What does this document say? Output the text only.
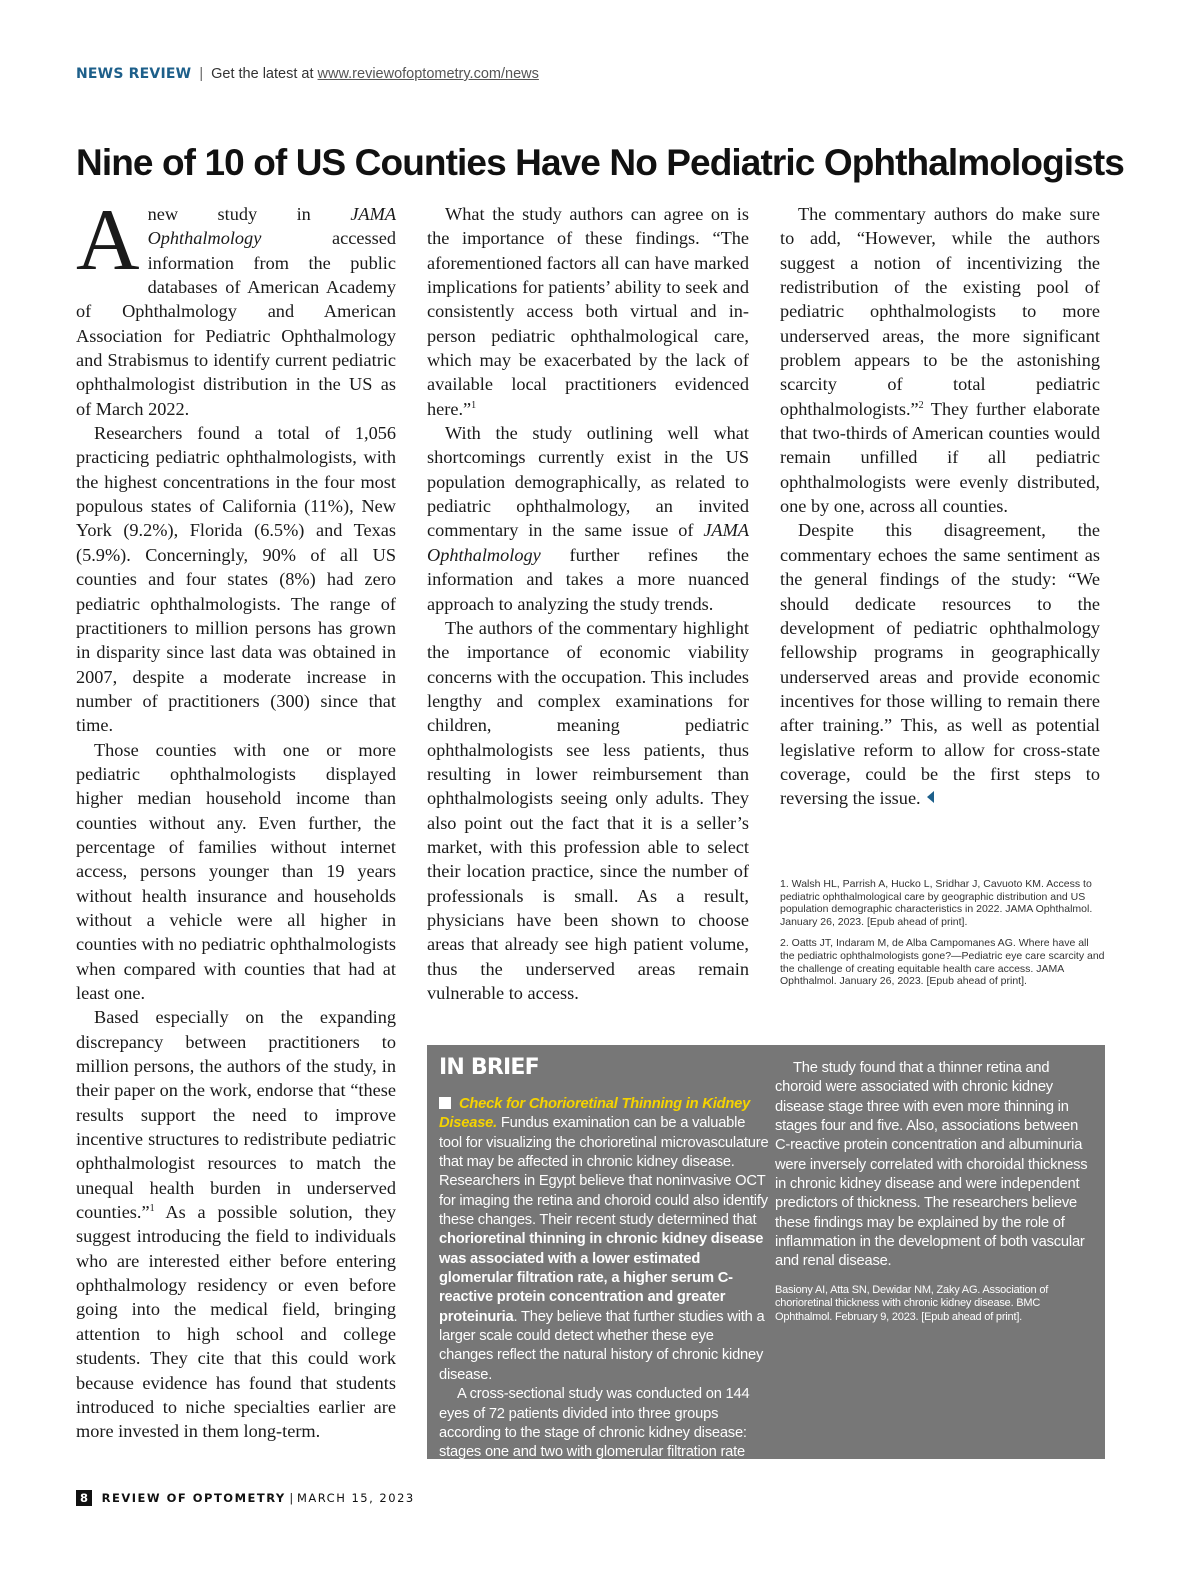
NEWS REVIEW | Get the latest at www.reviewofoptometry.com/news
Nine of 10 of US Counties Have No Pediatric Ophthalmologists

Anew study in JAMA Ophthalmology accessed information from the public databases of American Academy of Ophthalmology and American Association for Pediatric Ophthalmology and Strabismus to identify current pediatric ophthalmologist distribution in the US as of March 2022.

Researchers found a total of 1,056 practicing pediatric ophthalmologists, with the highest concentrations in the four most populous states of California (11%), New York (9.2%), Florida (6.5%) and Texas (5.9%). Concerningly, 90% of all US counties and four states (8%) had zero pediatric ophthalmologists. The range of practitioners to million persons has grown in disparity since last data was obtained in 2007, despite a moderate increase in number of practitioners (300) since that time.

Those counties with one or more pediatric ophthalmologists displayed higher median household income than counties without any. Even further, the percentage of families without internet access, persons younger than 19 years without health insurance and households without a vehicle were all higher in counties with no pediatric ophthalmologists when compared with counties that had at least one.

Based especially on the expanding discrepancy between practitioners to million persons, the authors of the study, in their paper on the work, endorse that “these results support the need to improve incentive structures to redistribute pediatric ophthalmologist resources to match the unequal health burden in underserved counties.”$^1$ As a possible solution, they suggest introducing the field to individuals who are interested either before entering ophthalmology residency or even before going into the medical field, bringing attention to high school and college students. They cite that this could work because evidence has found that students introduced to niche specialties earlier are more invested in them long-term.

What the study authors can agree on is the importance of these findings. “The aforementioned factors all can have marked implications for patients’ ability to seek and consistently access both virtual and in-person pediatric ophthalmological care, which may be exacerbated by the lack of available local practitioners evidenced here.”$^1$

With the study outlining well what shortcomings currently exist in the US population demographically, as related to pediatric ophthalmology, an invited commentary in the same issue of JAMA Ophthalmology further refines the information and takes a more nuanced approach to analyzing the study trends.

The authors of the commentary highlight the importance of economic viability concerns with the occupation. This includes lengthy and complex examinations for children, meaning pediatric ophthalmologists see less patients, thus resulting in lower reimbursement than ophthalmologists seeing only adults. They also point out the fact that it is a seller’s market, with this profession able to select their location practice, since the number of professionals is small. As a result, physicians have been shown to choose areas that already see high patient volume, thus the underserved areas remain vulnerable to access.

The commentary authors do make sure to add, “However, while the authors suggest a notion of incentivizing the redistribution of the existing pool of pediatric ophthalmologists to more underserved areas, the more significant problem appears to be the astonishing scarcity of total pediatric ophthalmologists.”$^2$ They further elaborate that two-thirds of American counties would remain unfilled if all pediatric ophthalmologists were evenly distributed, one by one, across all counties.

Despite this disagreement, the commentary echoes the same sentiment as the general findings of the study: “We should dedicate resources to the development of pediatric ophthalmology fellowship programs in geographically underserved areas and provide economic incentives for those willing to remain there after training.” This, as well as potential legislative reform to allow for cross-state coverage, could be the first steps to reversing the issue.

1. Walsh HL, Parrish A, Hucko L, Sridhar J, Cavuoto KM. Access to pediatric ophthalmological care by geographic distribution and US population demographic characteristics in 2022. JAMA Ophthalmol. January 26, 2023. [Epub ahead of print].

2. Oatts JT, Indaram M, de Alba Campomanes AG. Where have all the pediatric ophthalmologists gone?—Pediatric eye care scarcity and the challenge of creating equitable health care access. JAMA Ophthalmol. January 26, 2023. [Epub ahead of print].

IN BRIEF

Check for Chorioretinal Thinning in Kidney Disease. Fundus examination can be a valuable tool for visualizing the chorioretinal microvasculature that may be affected in chronic kidney disease. Researchers in Egypt believe that noninvasive OCT for imaging the retina and choroid could also identify these changes. Their recent study determined that chorioretinal thinning in chronic kidney disease was associated with a lower estimated glomerular filtration rate, a higher serum C-reactive protein concentration and greater proteinuria. They believe that further studies with a larger scale could detect whether these eye changes reflect the natural history of chronic kidney disease.

A cross-sectional study was conducted on 144 eyes of 72 patients divided into three groups according to the stage of chronic kidney disease: stages one and two with glomerular filtration rate >60, stage three with filtration rates 30 to 59 and stages four and five with estimated rates <29.

The study found that a thinner retina and choroid were associated with chronic kidney disease stage three with even more thinning in stages four and five. Also, associations between C-reactive protein concentration and albuminuria were inversely correlated with choroidal thickness in chronic kidney disease and were independent predictors of thickness. The researchers believe these findings may be explained by the role of inflammation in the development of both vascular and renal disease.

Basiony AI, Atta SN, Dewidar NM, Zaky AG. Association of chorioretinal thickness with chronic kidney disease. BMC Ophthalmol. February 9, 2023. [Epub ahead of print].

8 REVIEW OF OPTOMETRY | MARCH 15, 2023
